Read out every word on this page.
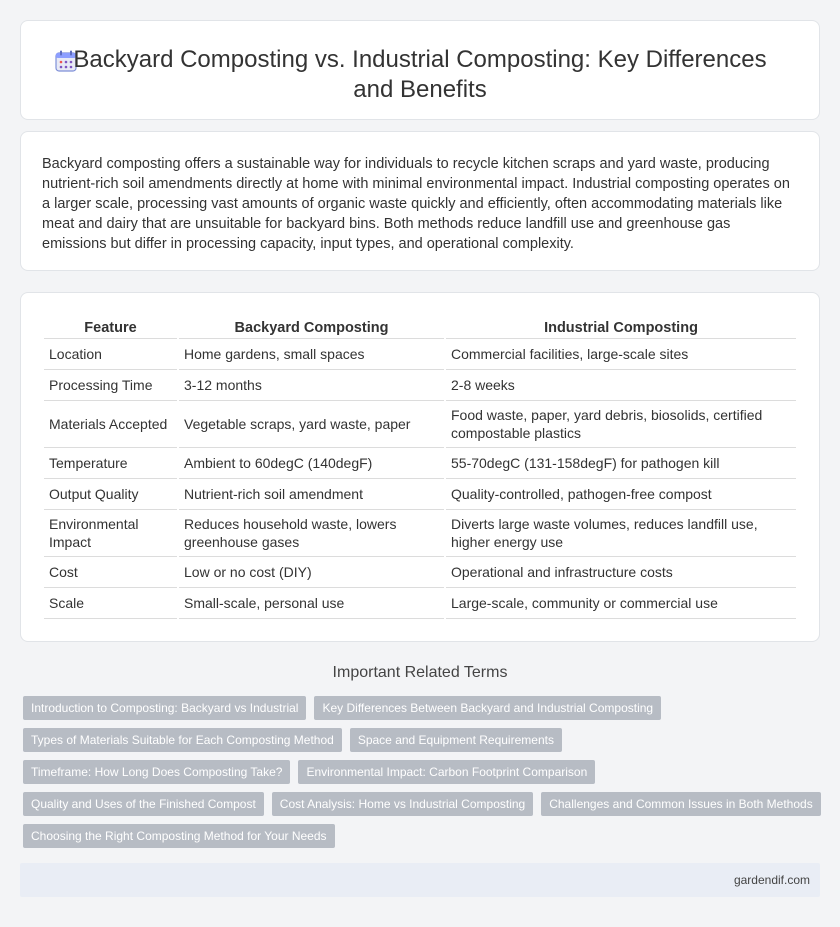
Backyard Composting vs. Industrial Composting: Key Differences and Benefits

Backyard composting offers a sustainable way for individuals to recycle kitchen scraps and yard waste, producing nutrient-rich soil amendments directly at home with minimal environmental impact. Industrial composting operates on a larger scale, processing vast amounts of organic waste quickly and efficiently, often accommodating materials like meat and dairy that are unsuitable for backyard bins. Both methods reduce landfill use and greenhouse gas emissions but differ in processing capacity, input types, and operational complexity.

Feature	Backyard Composting	Industrial Composting
Location	Home gardens, small spaces	Commercial facilities, large-scale sites
Processing Time	3-12 months	2-8 weeks
Materials Accepted	Vegetable scraps, yard waste, paper	Food waste, paper, yard debris, biosolids, certified compostable plastics
Temperature	Ambient to 60degC (140degF)	55-70degC (131-158degF) for pathogen kill
Output Quality	Nutrient-rich soil amendment	Quality-controlled, pathogen-free compost
Environmental Impact	Reduces household waste, lowers greenhouse gases	Diverts large waste volumes, reduces landfill use, higher energy use
Cost	Low or no cost (DIY)	Operational and infrastructure costs
Scale	Small-scale, personal use	Large-scale, community or commercial use
Important Related Terms
Introduction to Composting: Backyard vs Industrial	Key Differences Between Backyard and Industrial Composting
Types of Materials Suitable for Each Composting Method	Space and Equipment Requirements
Timeframe: How Long Does Composting Take?	Environmental Impact: Carbon Footprint Comparison
Quality and Uses of the Finished Compost	Cost Analysis: Home vs Industrial Composting	Challenges and Common Issues in Both Methods
Choosing the Right Composting Method for Your Needs
gardendif.com
